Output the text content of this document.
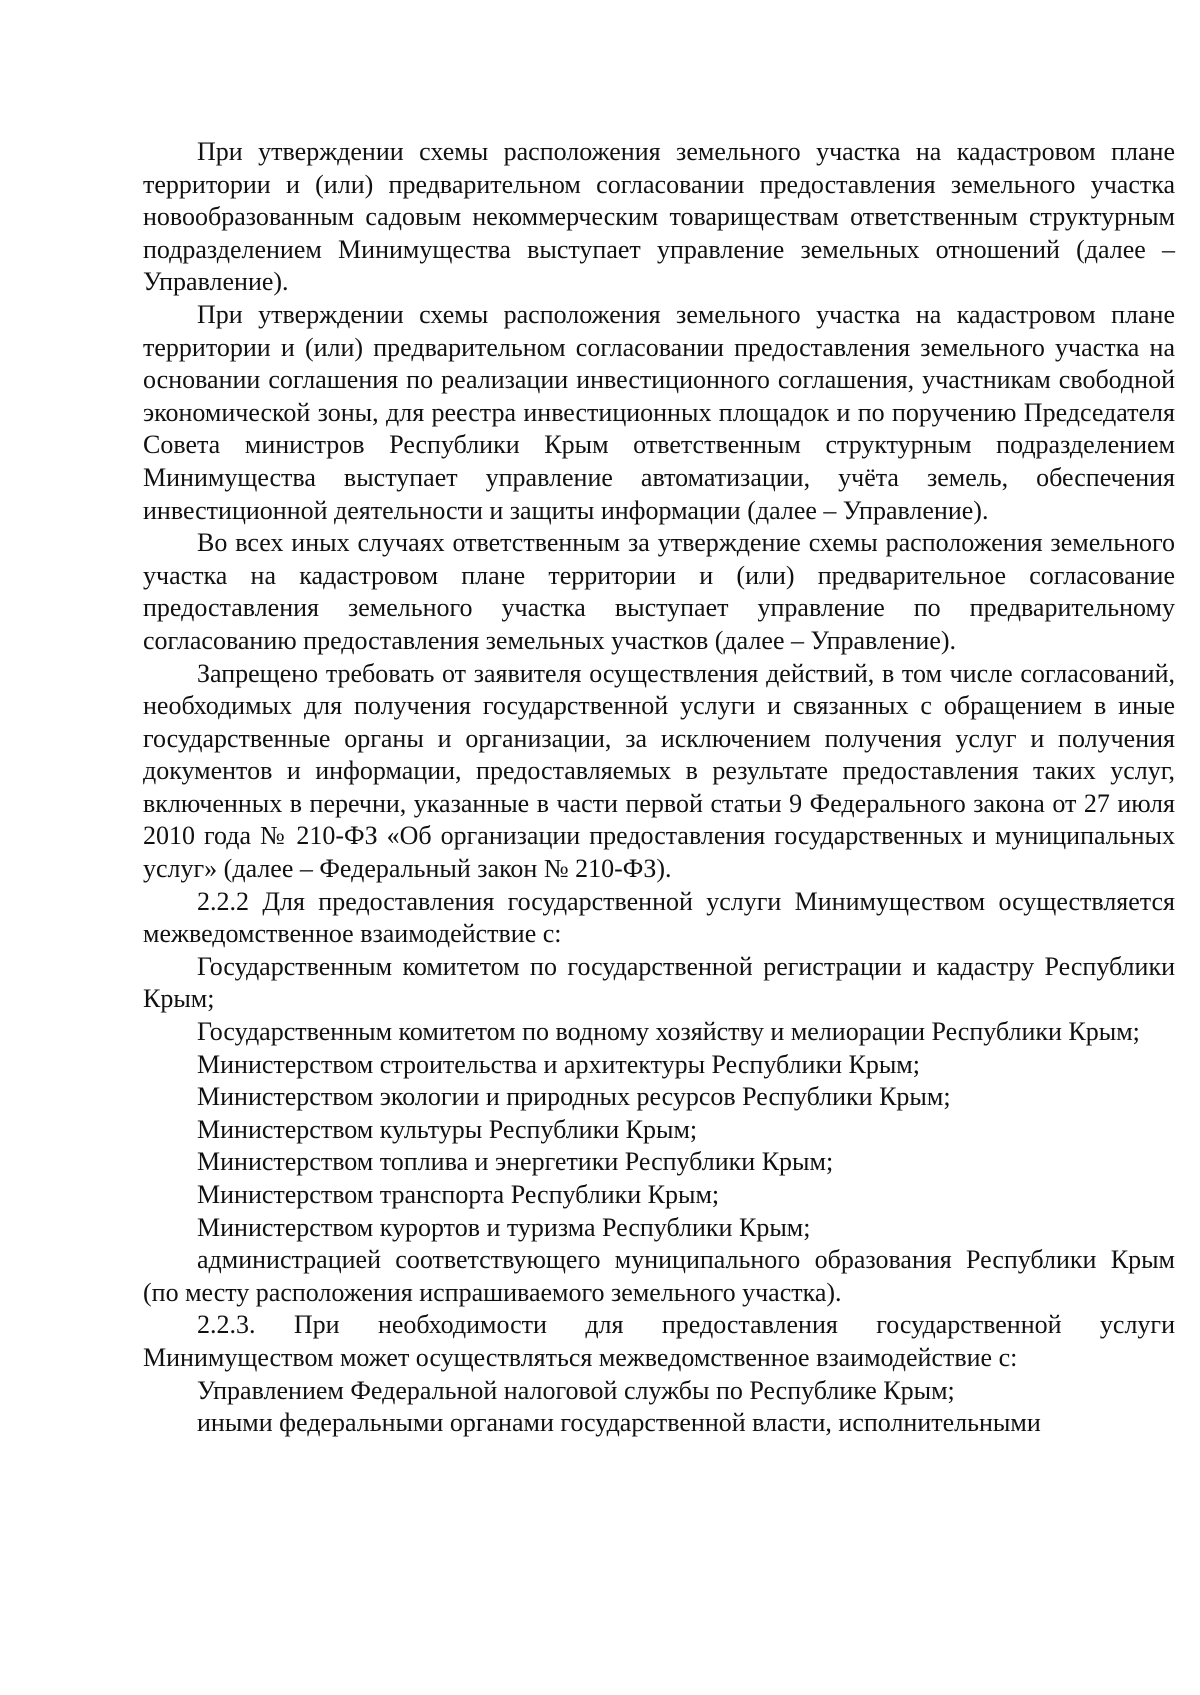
При утверждении схемы расположения земельного участка на кадастровом плане территории и (или) предварительном согласовании предоставления земельного участка новообразованным садовым некоммерческим товариществам ответственным структурным подразделением Минимущества выступает управление земельных отношений (далее – Управление).

При утверждении схемы расположения земельного участка на кадастровом плане территории и (или) предварительном согласовании предоставления земельного участка на основании соглашения по реализации инвестиционного соглашения, участникам свободной экономической зоны, для реестра инвестиционных площадок и по поручению Председателя Совета министров Республики Крым ответственным структурным подразделением Минимущества выступает управление автоматизации, учёта земель, обеспечения инвестиционной деятельности и защиты информации (далее – Управление).

Во всех иных случаях ответственным за утверждение схемы расположения земельного участка на кадастровом плане территории и (или) предварительное согласование предоставления земельного участка выступает управление по предварительному согласованию предоставления земельных участков (далее – Управление).

Запрещено требовать от заявителя осуществления действий, в том числе согласований, необходимых для получения государственной услуги и связанных с обращением в иные государственные органы и организации, за исключением получения услуг и получения документов и информации, предоставляемых в результате предоставления таких услуг, включенных в перечни, указанные в части первой статьи 9 Федерального закона от 27 июля 2010 года № 210-ФЗ «Об организации предоставления государственных и муниципальных услуг» (далее – Федеральный закон № 210-ФЗ).

2.2.2 Для предоставления государственной услуги Минимуществом осуществляется межведомственное взаимодействие с:

Государственным комитетом по государственной регистрации и кадастру Республики Крым;

Государственным комитетом по водному хозяйству и мелиорации Республики Крым;

Министерством строительства и архитектуры Республики Крым;

Министерством экологии и природных ресурсов Республики Крым;

Министерством культуры Республики Крым;

Министерством топлива и энергетики Республики Крым;

Министерством транспорта Республики Крым;

Министерством курортов и туризма Республики Крым;

администрацией соответствующего муниципального образования Республики Крым (по месту расположения испрашиваемого земельного участка).

2.2.3. При необходимости для предоставления государственной услуги Минимуществом может осуществляться межведомственное взаимодействие с:

Управлением Федеральной налоговой службы по Республике Крым;

иными федеральными органами государственной власти, исполнительными
